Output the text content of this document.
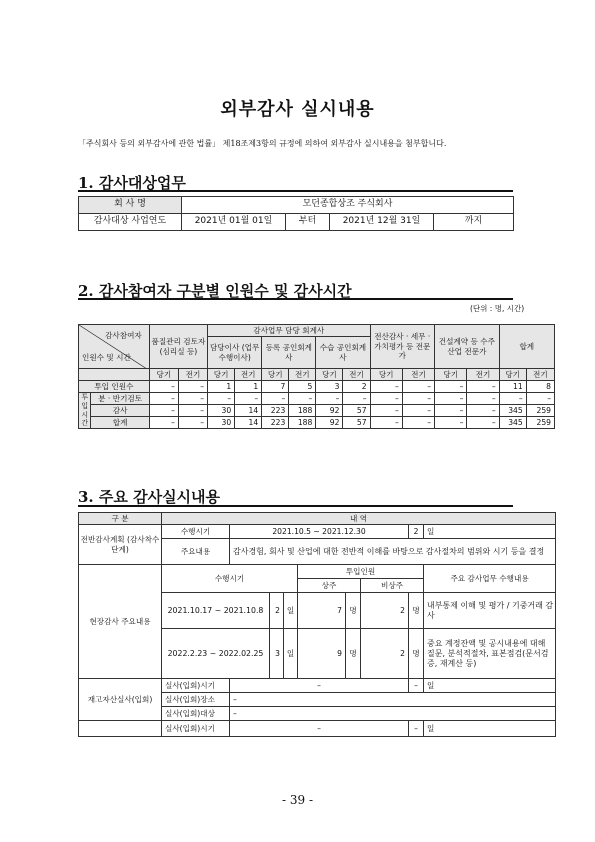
외부감사 실시내용
「주식회사 등의 외부감사에 관한 법률」 제18조제3항의 규정에 의하여 외부감사 실시내용을 첨부합니다.
1. 감사대상업무
회 사 명	모던종합상조 주식회사			
감사대상 사업연도	2021년 01월 01일	부터	2021년 12월 31일	까지
2. 감사참여자 구분별 인원수 및 감사시간
(단위 : 명, 시간)
감사참여자
인원수 및 시간		품질관리 검토자 (심리실 등)		감사업무 담당 회계사						전산감사 · 세무 · 가치평가 등 전문가		건설계약 등 수주산업 전문가		합계	
				담당이사 (업무수행이사)		등록 공인회계사		수습 공인회계사							
		당기	전기	당기	전기	당기	전기	당기	전기	당기	전기	당기	전기	당기	전기
투입 인원수		–	–	1	1	7	5	3	2	–	–	–	–	11	8
투입 시간	분 · 반기검토	–	–	–	–	–	–	–	–	–	–	–	–	–	–
	감사	–	–	30	14	223	188	92	57	–	–	–	–	345	259
	합계	–	–	30	14	223	188	92	57	–	–	–	–	345	259
3. 주요 감사실시내용
구 분	내 역								
전반감사계획 (감사착수단계)	수행시기	2021.10.5 ~ 2021.12.30						2	일
	주요내용	감사경험, 회사 및 산업에 대한 전반적 이해를 바탕으로 감사절차의 범위와 시기 등을 결정							
현장감사 주요내용	수행시기				투입인원				주요 감사업무 수행내용
					상주		비상주		
	2021.10.17 ~ 2021.10.8		2	일	7	명	2	명	내부통제 이해 및 평가 / 기중거래 감사
	2022.2.23 ~ 2022.02.25		3	일	9	명	2	명	중요 계정잔액 및 공시내용에 대해 질문, 분석적절차, 표본점검(문서검증, 재계산 등)
재고자산실사(입회)	실사(입회)시기	–						–	일
	실사(입회)장소	–							
	실사(입회)대상	–							
	실사(입회)시기	–						–	일
- 39 -
